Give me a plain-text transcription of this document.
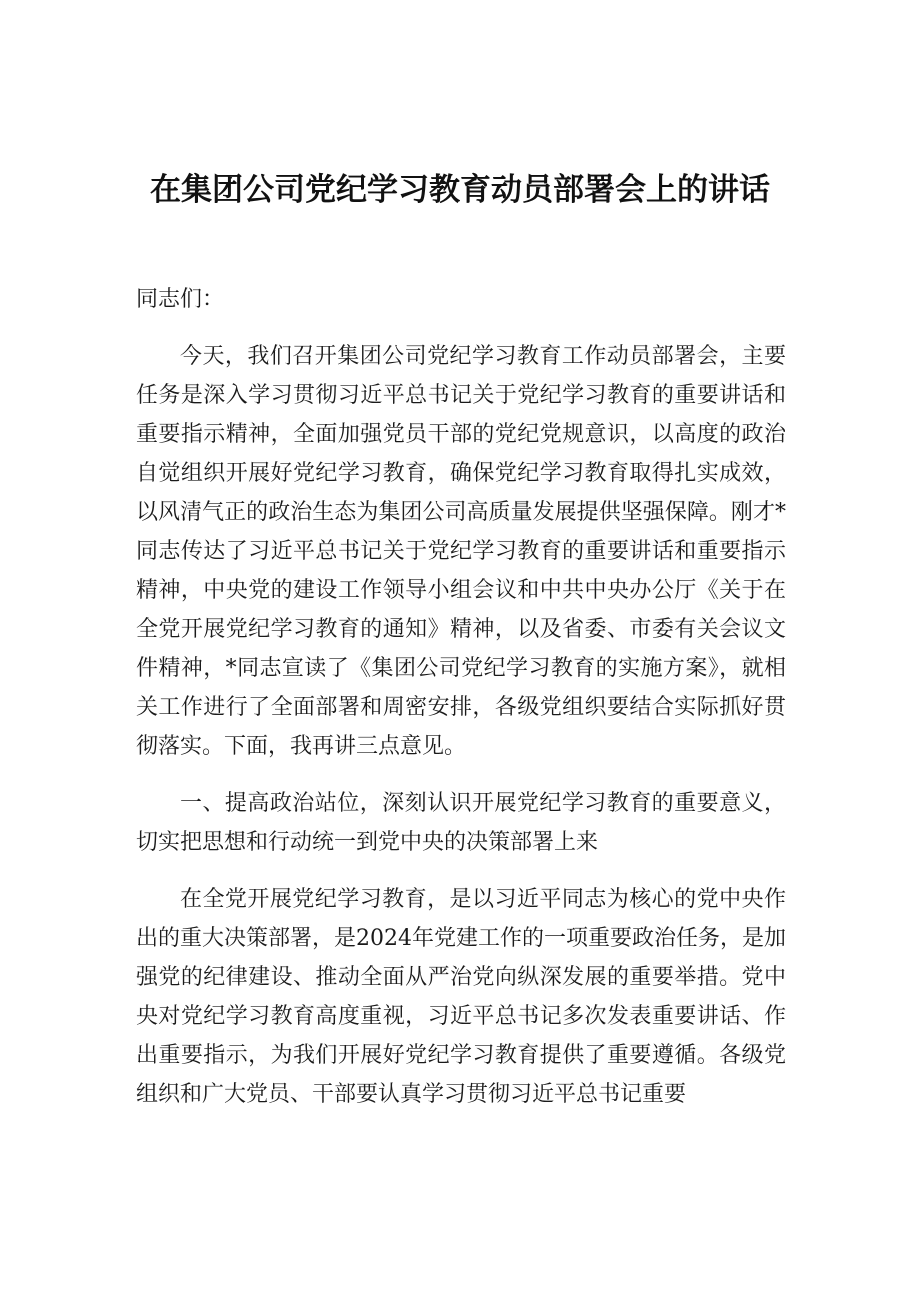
在集团公司党纪学习教育动员部署会上的讲话

同志们：

今天，我们召开集团公司党纪学习教育工作动员部署会，主要任务是深入学习贯彻习近平总书记关于党纪学习教育的重要讲话和重要指示精神，全面加强党员干部的党纪党规意识，以高度的政治自觉组织开展好党纪学习教育，确保党纪学习教育取得扎实成效，以风清气正的政治生态为集团公司高质量发展提供坚强保障。刚才*同志传达了习近平总书记关于党纪学习教育的重要讲话和重要指示精神，中央党的建设工作领导小组会议和中共中央办公厅《关于在全党开展党纪学习教育的通知》精神，以及省委、市委有关会议文件精神，*同志宣读了《集团公司党纪学习教育的实施方案》，就相关工作进行了全面部署和周密安排，各级党组织要结合实际抓好贯彻落实。下面，我再讲三点意见。

一、提高政治站位，深刻认识开展党纪学习教育的重要意义，切实把思想和行动统一到党中央的决策部署上来

在全党开展党纪学习教育，是以习近平同志为核心的党中央作出的重大决策部署，是2024年党建工作的一项重要政治任务，是加强党的纪律建设、推动全面从严治党向纵深发展的重要举措。党中央对党纪学习教育高度重视，习近平总书记多次发表重要讲话、作出重要指示，为我们开展好党纪学习教育提供了重要遵循。各级党组织和广大党员、干部要认真学习贯彻习近平总书记重要
